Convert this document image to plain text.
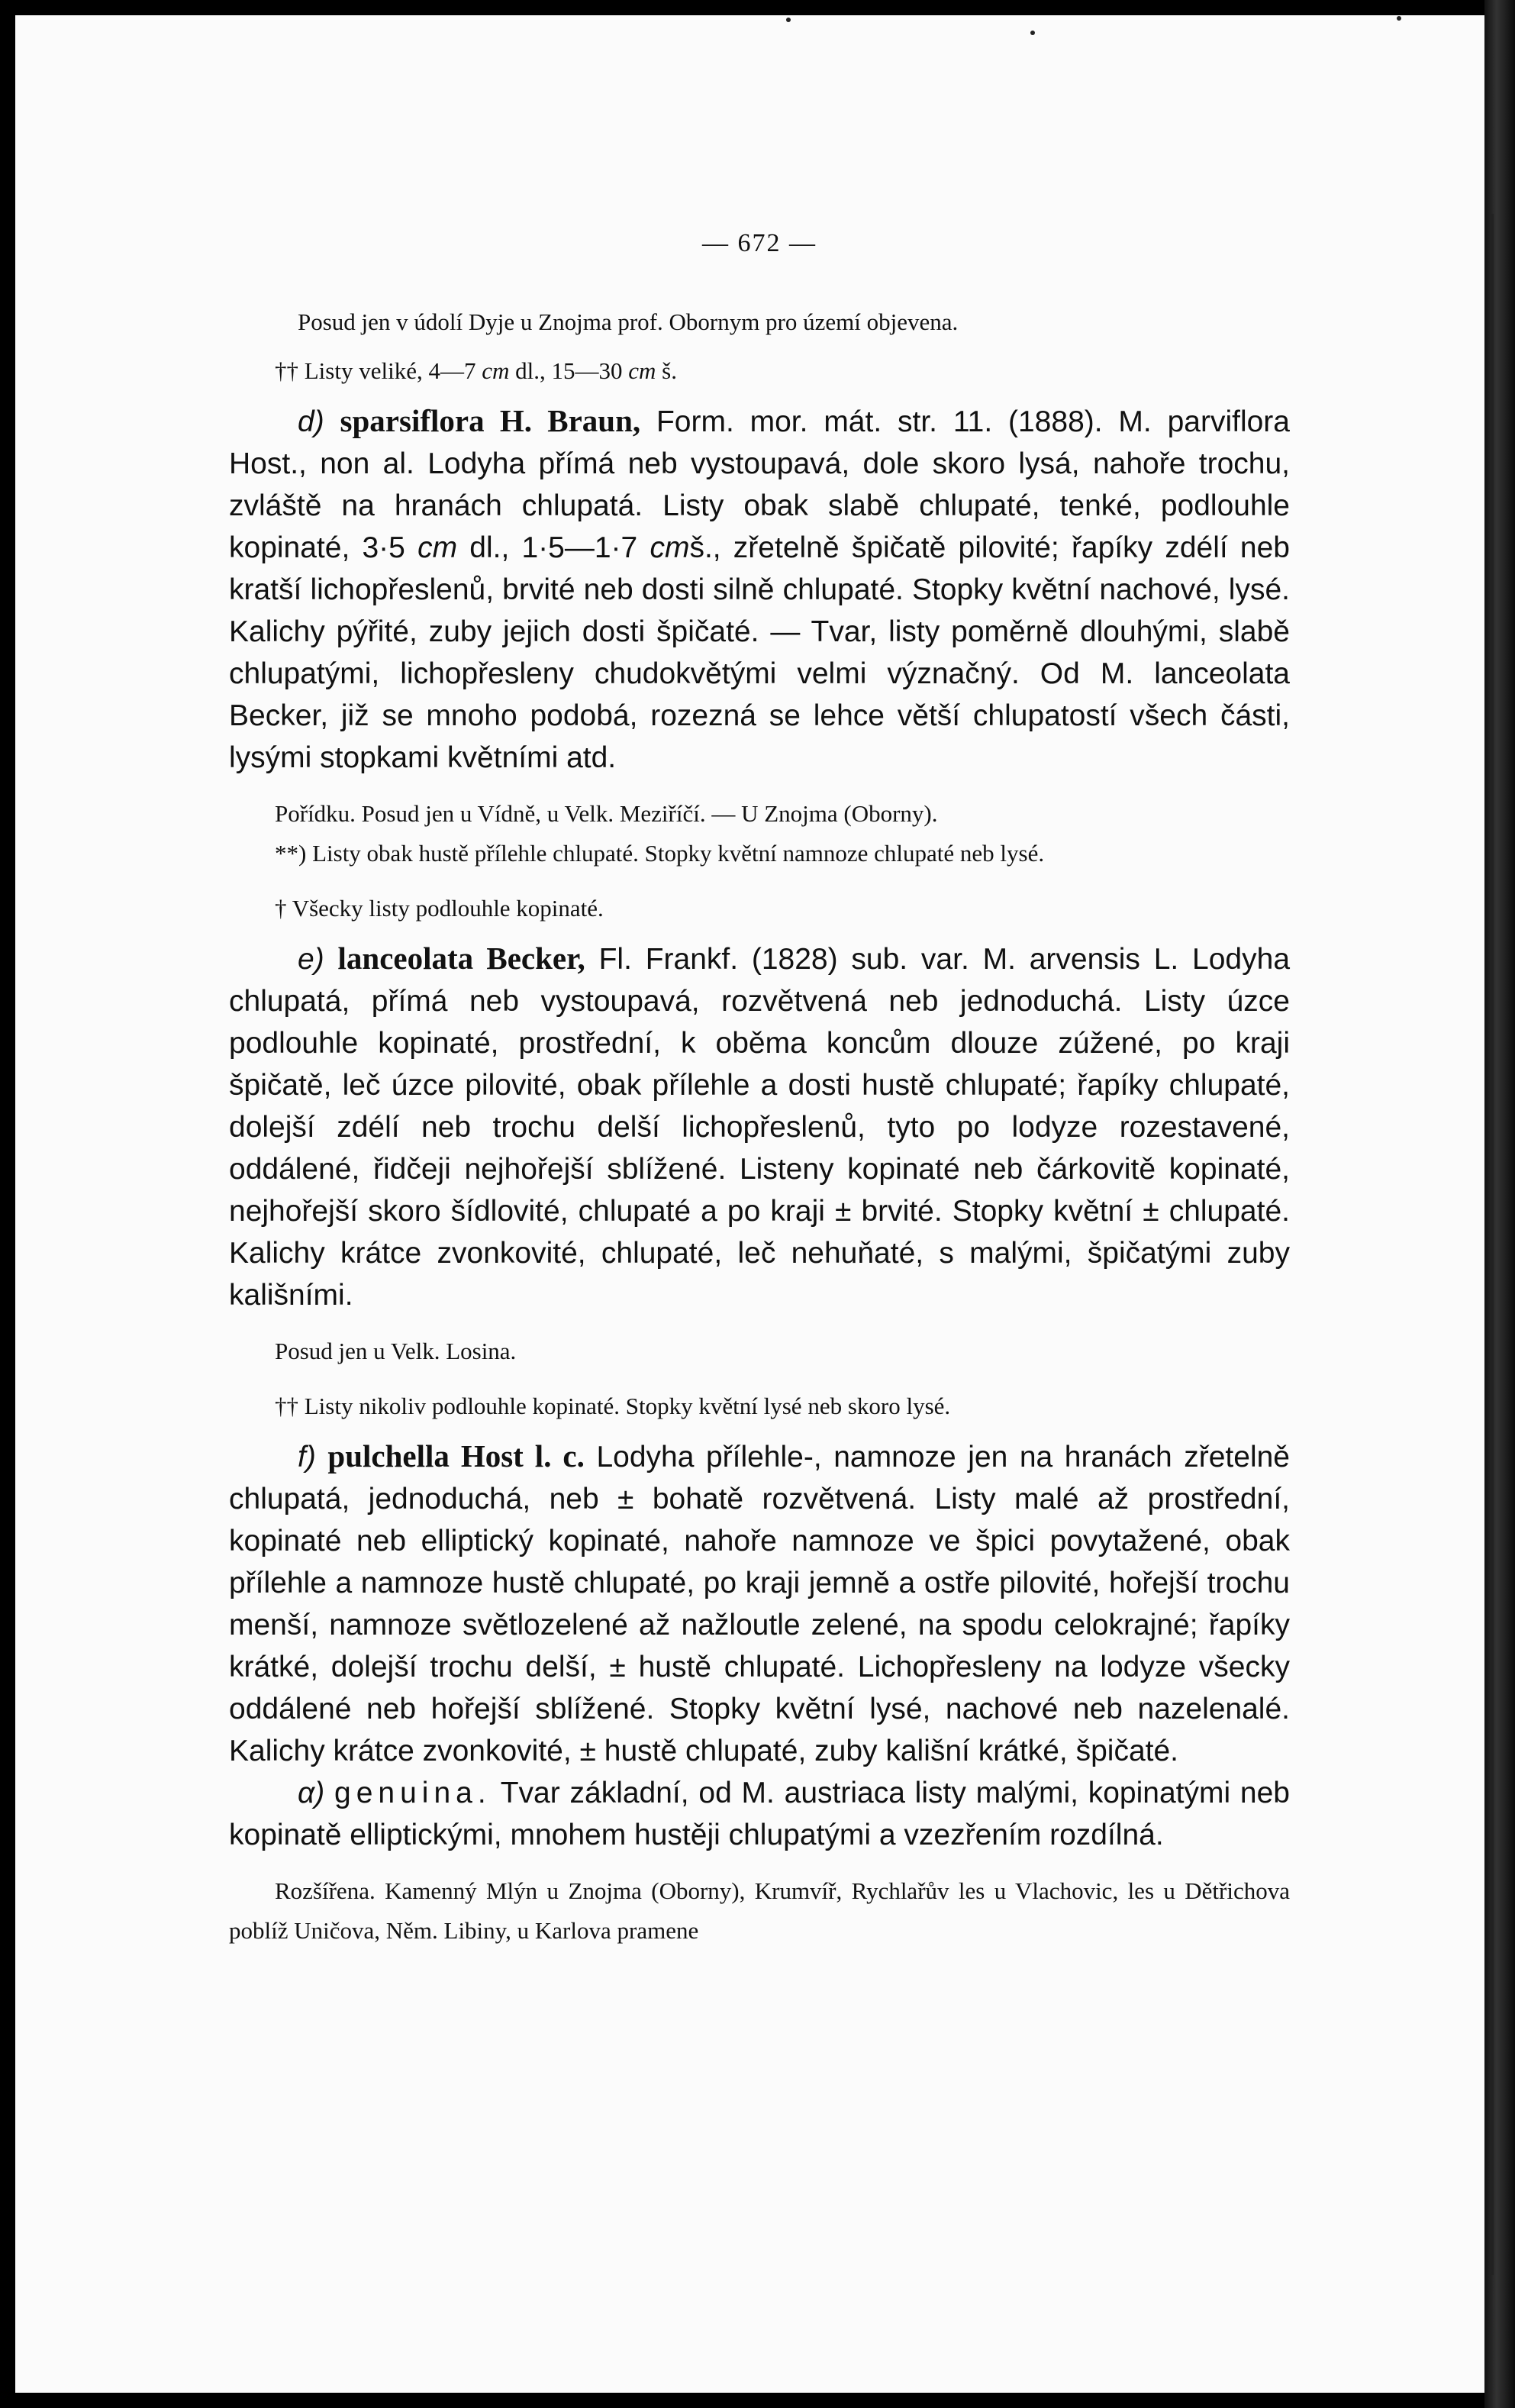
— 672 —

Posud jen v údolí Dyje u Znojma prof. Obornym pro území objevena.

†† Listy veliké, 4—7 cm dl., 15—30 cm š.

d) sparsiflora H. Braun, Form. mor. mát. str. 11. (1888). M. parviflora Host., non al. Lodyha přímá neb vystoupavá, dole skoro lysá, nahoře trochu, zvláště na hranách chlupatá. Listy obak slabě chlupaté, tenké, podlouhle kopinaté, 3·5 cm dl., 1·5—1·7 cmš., zřetelně špičatě pilovité; řapíky zdélí neb kratší lichopřeslenů, brvité neb dosti silně chlupaté. Stopky květní nachové, lysé. Kalichy pýřité, zuby jejich dosti špičaté. — Tvar, listy poměrně dlouhými, slabě chlupatými, lichopřesleny chudokvětými velmi význačný. Od M. lanceolata Becker, již se mnoho podobá, rozezná se lehce větší chlupatostí všech části, lysými stopkami květními atd.

Pořídku. Posud jen u Vídně, u Velk. Meziříčí. — U Znojma (Oborny).

**) Listy obak hustě přílehle chlupaté. Stopky květní namnoze chlupaté neb lysé.

† Všecky listy podlouhle kopinaté.

e) lanceolata Becker, Fl. Frankf. (1828) sub. var. M. arvensis L. Lodyha chlupatá, přímá neb vystoupavá, rozvětvená neb jednoduchá. Listy úzce podlouhle kopinaté, prostřední, k oběma koncům dlouze zúžené, po kraji špičatě, leč úzce pilovité, obak přílehle a dosti hustě chlupaté; řapíky chlupaté, dolejší zdélí neb trochu delší lichopřeslenů, tyto po lodyze rozestavené, oddálené, řidčeji nejhořejší sblížené. Listeny kopinaté neb čárkovitě kopinaté, nejhořejší skoro šídlovité, chlupaté a po kraji ± brvité. Stopky květní ± chlupaté. Kalichy krátce zvonkovité, chlupaté, leč nehuňaté, s malými, špičatými zuby kališními.

Posud jen u Velk. Losina.

†† Listy nikoliv podlouhle kopinaté. Stopky květní lysé neb skoro lysé.

f) pulchella Host l. c. Lodyha přílehle-, namnoze jen na hranách zřetelně chlupatá, jednoduchá, neb ± bohatě rozvětvená. Listy malé až prostřední, kopinaté neb elliptický kopinaté, nahoře namnoze ve špici povytažené, obak přílehle a namnoze hustě chlupaté, po kraji jemně a ostře pilovité, hořejší trochu menší, namnoze světlozelené až nažloutle zelené, na spodu celokrajné; řapíky krátké, dolejší trochu delší, ± hustě chlupaté. Lichopřesleny na lodyze všecky oddálené neb hořejší sblížené. Stopky květní lysé, nachové neb nazelenalé. Kalichy krátce zvonkovité, ± hustě chlupaté, zuby kališní krátké, špičaté.

α) genuina. Tvar základní, od M. austriaca listy malými, kopinatými neb kopinatě elliptickými, mnohem hustěji chlupatými a vzezřením rozdílná.

Rozšířena. Kamenný Mlýn u Znojma (Oborny), Krumvíř, Rychlařův les u Vlachovic, les u Dětřichova poblíž Uničova, Něm. Libiny, u Karlova pramene
